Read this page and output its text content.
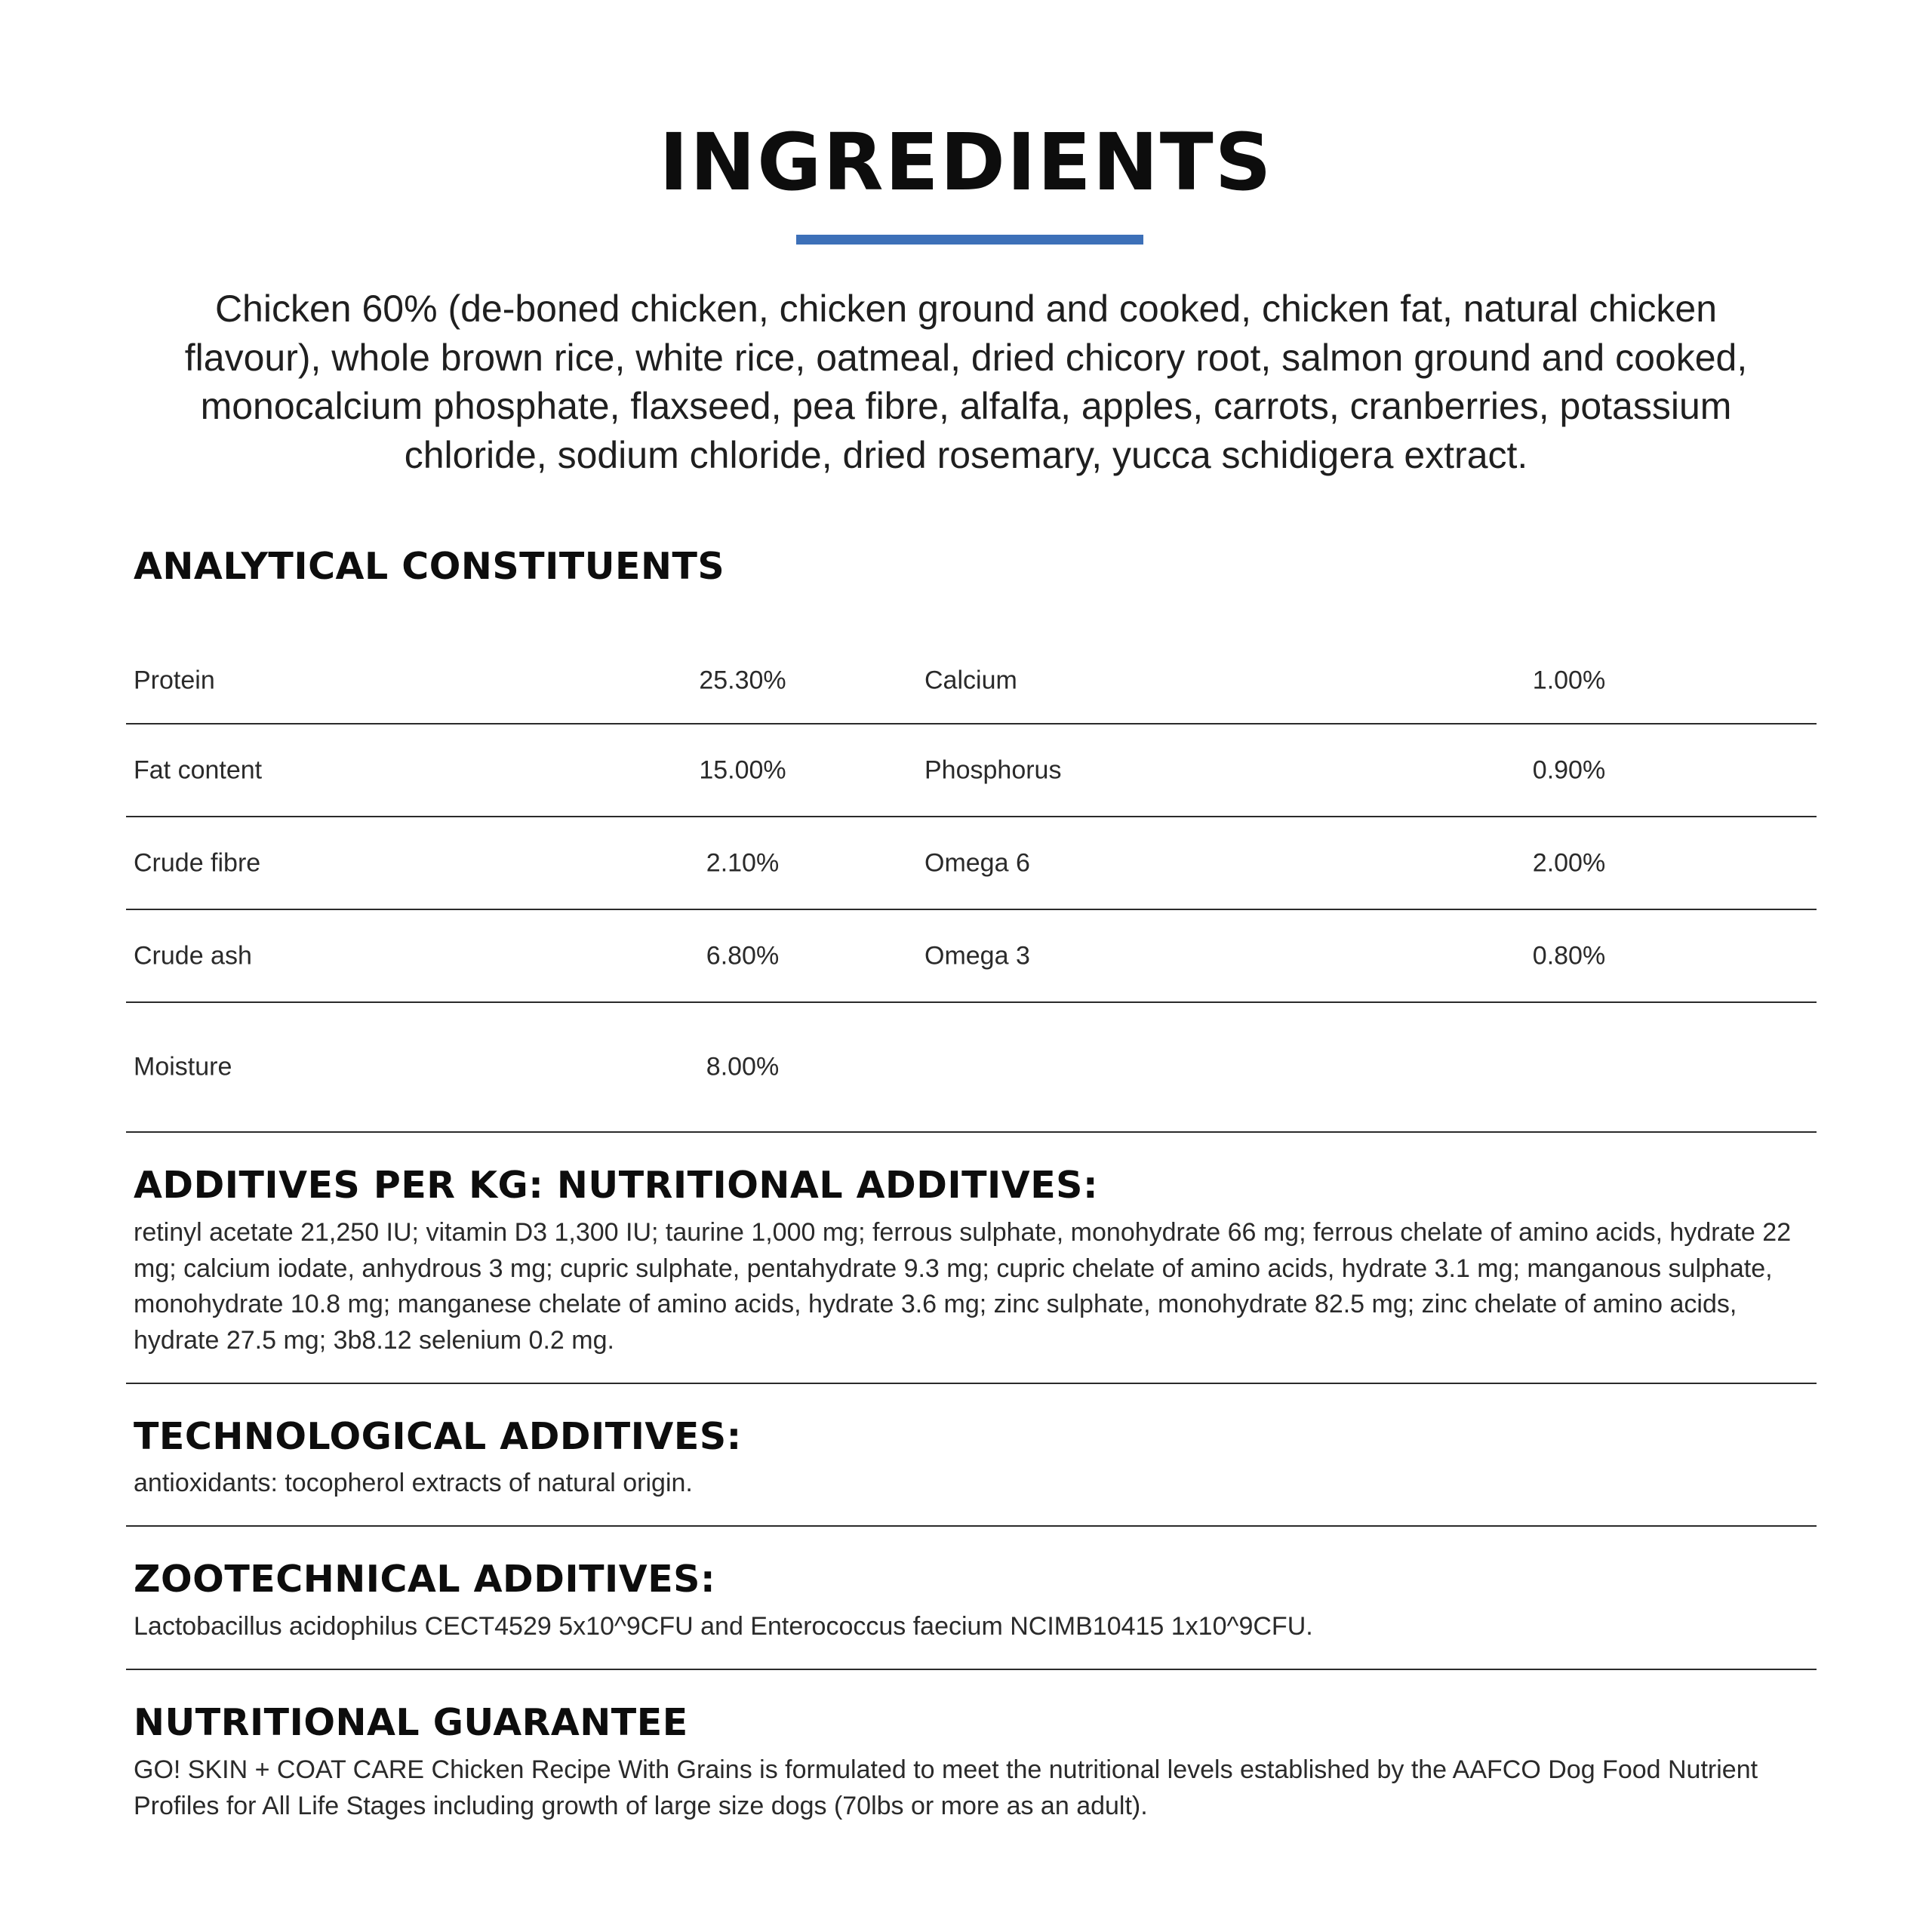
INGREDIENTS

Chicken 60% (de-boned chicken, chicken ground and cooked, chicken fat, natural chicken flavour), whole brown rice, white rice, oatmeal, dried chicory root, salmon ground and cooked, monocalcium phosphate, flaxseed, pea fibre, alfalfa, apples, carrots, cranberries, potassium chloride, sodium chloride, dried rosemary, yucca schidigera extract.

ANALYTICAL CONSTITUENTS
Protein	25.30%	Calcium	1.00%
Fat content	15.00%	Phosphorus	0.90%
Crude fibre	2.10%	Omega 6	2.00%
Crude ash	6.80%	Omega 3	0.80%
Moisture	8.00%
ADDITIVES PER KG: NUTRITIONAL ADDITIVES:

retinyl acetate 21,250 IU; vitamin D3 1,300 IU; taurine 1,000 mg; ferrous sulphate, monohydrate 66 mg; ferrous chelate of amino acids, hydrate 22 mg; calcium iodate, anhydrous 3 mg; cupric sulphate, pentahydrate 9.3 mg; cupric chelate of amino acids, hydrate 3.1 mg; manganous sulphate, monohydrate 10.8 mg; manganese chelate of amino acids, hydrate 3.6 mg; zinc sulphate, monohydrate 82.5 mg; zinc chelate of amino acids, hydrate 27.5 mg; 3b8.12 selenium 0.2 mg.

TECHNOLOGICAL ADDITIVES:

antioxidants: tocopherol extracts of natural origin.

ZOOTECHNICAL ADDITIVES:

Lactobacillus acidophilus CECT4529 5x10^9CFU and Enterococcus faecium NCIMB10415 1x10^9CFU.

NUTRITIONAL GUARANTEE

GO! SKIN + COAT CARE Chicken Recipe With Grains is formulated to meet the nutritional levels established by the AAFCO Dog Food Nutrient Profiles for All Life Stages including growth of large size dogs (70lbs or more as an adult).
